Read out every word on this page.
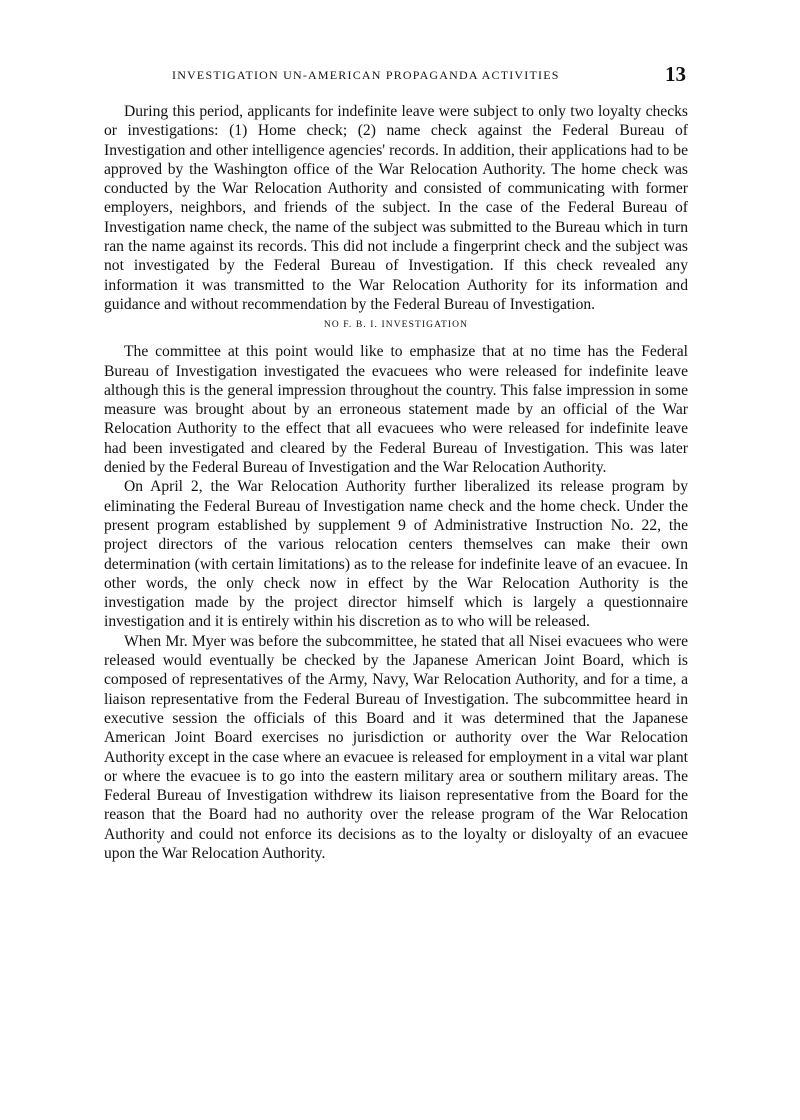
INVESTIGATION UN-AMERICAN PROPAGANDA ACTIVITIES	13

During this period, applicants for indefinite leave were subject to only two loyalty checks or investigations: (1) Home check; (2) name check against the Federal Bureau of Investigation and other intelligence agencies' records. In addition, their applications had to be approved by the Washington office of the War Relocation Authority. The home check was conducted by the War Relocation Authority and consisted of communicating with former employers, neighbors, and friends of the subject. In the case of the Federal Bureau of Investigation name check, the name of the subject was submitted to the Bureau which in turn ran the name against its records. This did not include a fingerprint check and the subject was not investigated by the Federal Bureau of Investigation. If this check revealed any information it was transmitted to the War Relocation Authority for its information and guidance and without recommendation by the Federal Bureau of Investigation.

NO F. B. I. INVESTIGATION

The committee at this point would like to emphasize that at no time has the Federal Bureau of Investigation investigated the evacuees who were released for indefinite leave although this is the general impression throughout the country. This false impression in some measure was brought about by an erroneous statement made by an official of the War Relocation Authority to the effect that all evacuees who were released for indefinite leave had been investigated and cleared by the Federal Bureau of Investigation. This was later denied by the Federal Bureau of Investigation and the War Relocation Authority.

On April 2, the War Relocation Authority further liberalized its release program by eliminating the Federal Bureau of Investigation name check and the home check. Under the present program established by supplement 9 of Administrative Instruction No. 22, the project directors of the various relocation centers themselves can make their own determination (with certain limitations) as to the release for indefinite leave of an evacuee. In other words, the only check now in effect by the War Relocation Authority is the investigation made by the project director himself which is largely a questionnaire investigation and it is entirely within his discretion as to who will be released.

When Mr. Myer was before the subcommittee, he stated that all Nisei evacuees who were released would eventually be checked by the Japanese American Joint Board, which is composed of representatives of the Army, Navy, War Relocation Authority, and for a time, a liaison representative from the Federal Bureau of Investigation. The subcommittee heard in executive session the officials of this Board and it was determined that the Japanese American Joint Board exercises no jurisdiction or authority over the War Relocation Authority except in the case where an evacuee is released for employment in a vital war plant or where the evacuee is to go into the eastern military area or southern military areas. The Federal Bureau of Investigation withdrew its liaison representative from the Board for the reason that the Board had no authority over the release program of the War Relocation Authority and could not enforce its decisions as to the loyalty or disloyalty of an evacuee upon the War Relocation Authority.
